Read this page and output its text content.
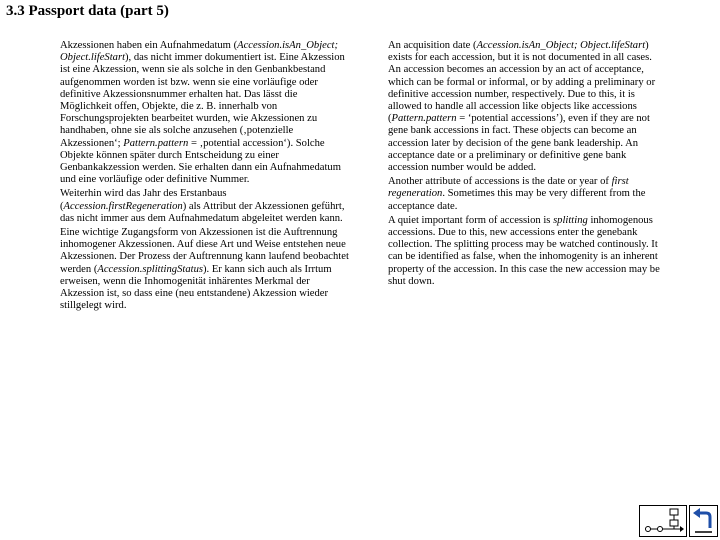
3.3 Passport data (part 5)

Akzessionen haben ein Aufnahmedatum (Accession.isAn_Object; Object.lifeStart), das nicht immer dokumentiert ist. Eine Akzession ist eine Akzession, wenn sie als solche in den Genbankbestand aufgenommen worden ist bzw. wenn sie eine vorläufige oder definitive Akzessionsnummer erhalten hat. Das lässt die Möglichkeit offen, Objekte, die z. B. innerhalb von Forschungsprojekten bearbeitet wurden, wie Akzessionen zu handhaben, ohne sie als solche anzusehen (‚potenzielle Akzessionen‘; Pattern.pattern = ‚potential accession‘). Solche Objekte können später durch Entscheidung zu einer Genbankakzession werden. Sie erhalten dann ein Aufnahmedatum und eine vorläufige oder definitive Nummer.

Weiterhin wird das Jahr des Erstanbaus (Accession.firstRegeneration) als Attribut der Akzessionen geführt, das nicht immer aus dem Aufnahmedatum abgeleitet werden kann.

Eine wichtige Zugangsform von Akzessionen ist die Auftrennung inhomogener Akzessionen. Auf diese Art und Weise entstehen neue Akzessionen. Der Prozess der Auftrennung kann laufend beobachtet werden (Accession.splittingStatus). Er kann sich auch als Irrtum erweisen, wenn die Inhomogenität inhärentes Merkmal der Akzession ist, so dass eine (neu entstandene) Akzession wieder stillgelegt wird.

An acquisition date (Accession.isAn_Object; Object.lifeStart) exists for each accession, but it is not documented in all cases. An accession becomes an accession by an act of acceptance, which can be formal or informal, or by adding a preliminary or definitive accession number, respectively. Due to this, it is allowed to handle all accession like objects like accessions (Pattern.pattern = ‘potential accessions’), even if they are not gene bank accessions in fact. These objects can become an accession later by decision of the gene bank leadership. An acceptance date or a preliminary or definitive gene bank accession number would be added.

Another attribute of accessions is the date or year of first regeneration. Sometimes this may be very different from the acceptance date.

A quiet important form of accession is splitting inhomogenous accessions. Due to this, new accessions enter the genebank collection. The splitting process may be watched continously. It can be identified as false, when the inhomogenity is an inherent property of the accession. In this case the new accession may be shut down.
